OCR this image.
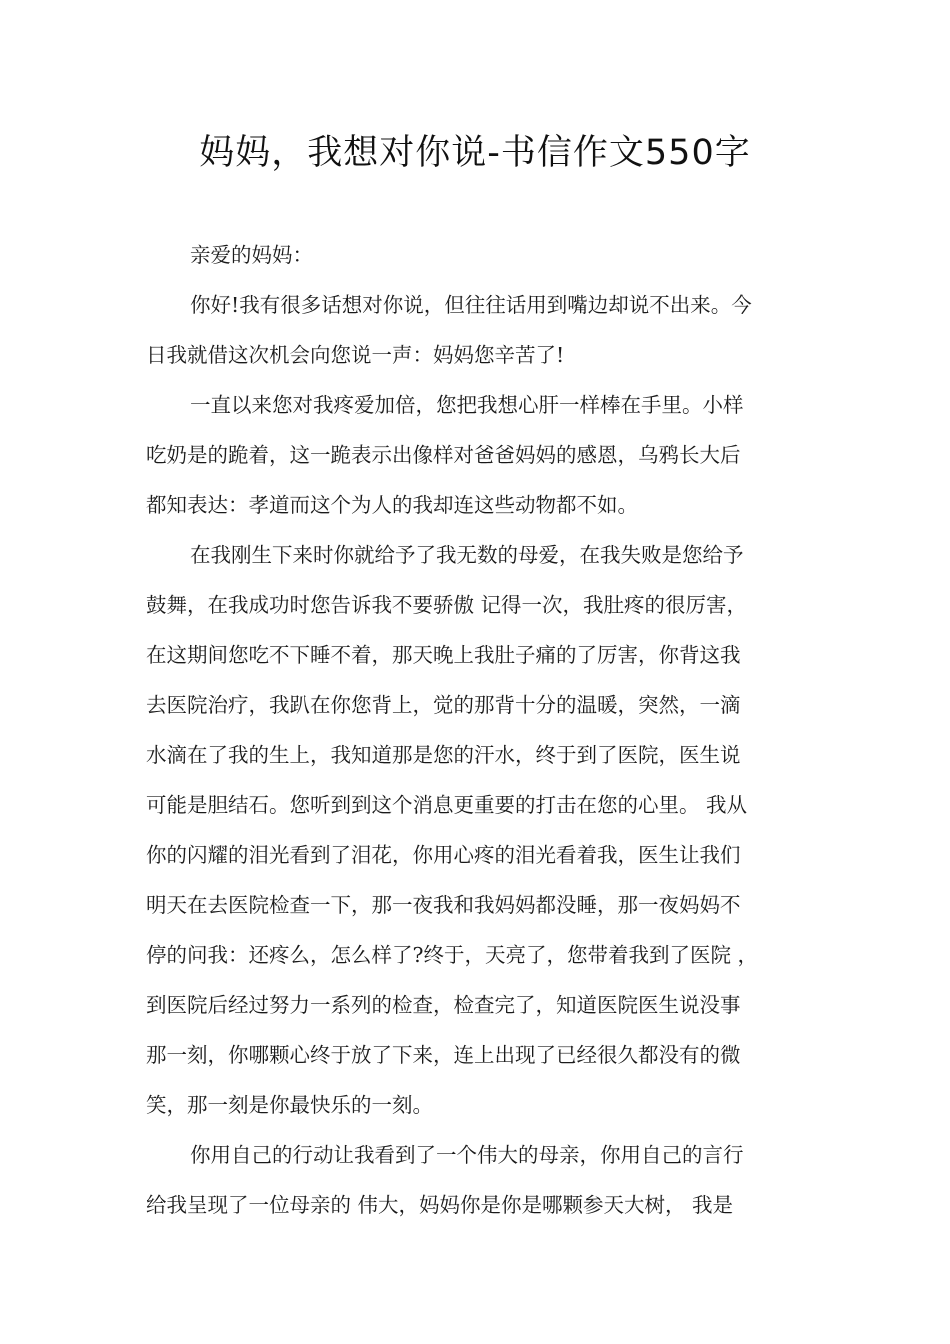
妈妈，我想对你说-书信作文550字
亲爱的妈妈：
你好!我有很多话想对你说，但往往话用到嘴边却说不出来。今
日我就借这次机会向您说一声：妈妈您辛苦了!
一直以来您对我疼爱加倍，您把我想心肝一样棒在手里。小样
吃奶是的跪着，这一跪表示出像样对爸爸妈妈的感恩，乌鸦长大后
都知表达：孝道而这个为人的我却连这些动物都不如。
在我刚生下来时你就给予了我无数的母爱，在我失败是您给予
鼓舞，在我成功时您告诉我不要骄傲 记得一次，我肚疼的很厉害，
在这期间您吃不下睡不着，那天晚上我肚子痛的了厉害，你背这我
去医院治疗，我趴在你您背上，觉的那背十分的温暖，突然，一滴
水滴在了我的生上，我知道那是您的汗水，终于到了医院，医生说
可能是胆结石。您听到到这个消息更重要的打击在您的心里。 我从
你的闪耀的泪光看到了泪花，你用心疼的泪光看着我，医生让我们
明天在去医院检查一下，那一夜我和我妈妈都没睡，那一夜妈妈不
停的问我：还疼么，怎么样了?终于，天亮了，您带着我到了医院 ，
到医院后经过努力一系列的检查，检查完了，知道医院医生说没事
那一刻，你哪颗心终于放了下来，连上出现了已经很久都没有的微
笑，那一刻是你最快乐的一刻。
你用自己的行动让我看到了一个伟大的母亲，你用自己的言行
给我呈现了一位母亲的 伟大，妈妈你是你是哪颗参天大树， 我是
